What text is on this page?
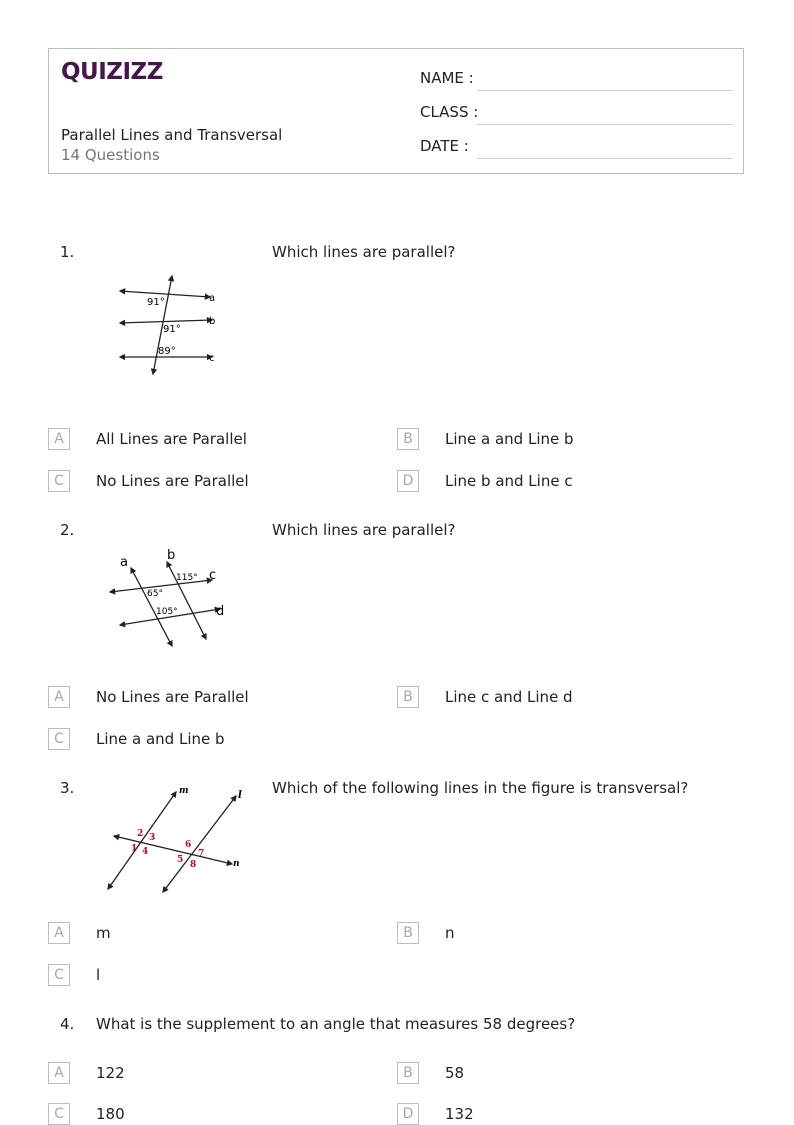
QUIZIZZ
Parallel Lines and Transversal
14 Questions
NAME :
CLASS :
DATE :
1.	Which lines are parallel?
91°
91°
89°
a
b
c
A	All Lines are Parallel	B	Line a and Line b
C	No Lines are Parallel	D	Line b and Line c
2.	Which lines are parallel?
a	b
c
d
115°
65°
105°
A	No Lines are Parallel	B	Line c and Line d
C	Line a and Line b
3.	Which of the following lines in the figure is transversal?
m	l
n
1
2 3
4
5
6
7
8
A	m	B	n
C	l
4. What is the supplement to an angle that measures 58 degrees?
A	122	B	58
C	180	D	132
